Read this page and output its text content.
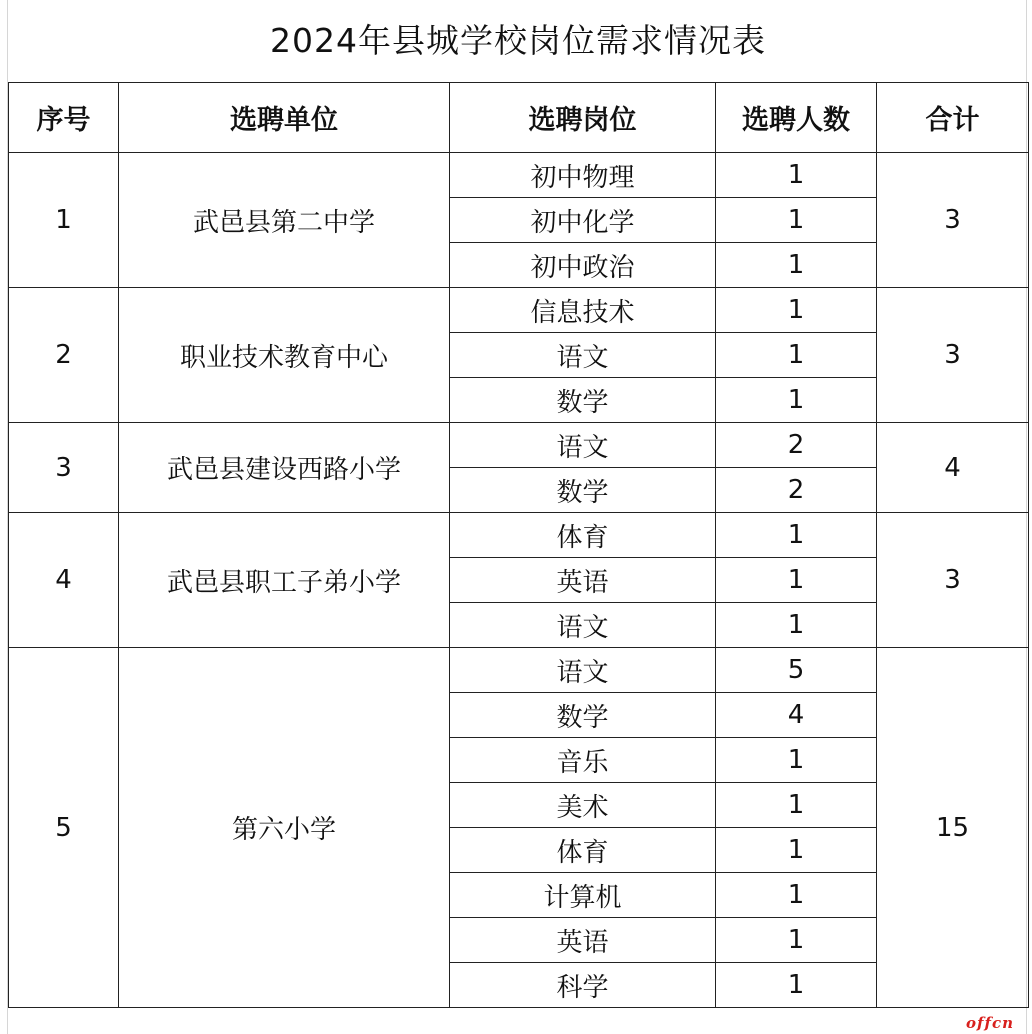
2024年县城学校岗位需求情况表
序号	选聘单位	选聘岗位	选聘人数	合计
1	武邑县第二中学	初中物理	1	3
		初中化学	1	
		初中政治	1	
2	职业技术教育中心	信息技术	1	3
		语文	1	
		数学	1	
3	武邑县建设西路小学	语文	2	4
		数学	2	
4	武邑县职工子弟小学	体育	1	3
		英语	1	
		语文	1	
5	第六小学	语文	5	15
		数学	4	
		音乐	1	
		美术	1	
		体育	1	
		计算机	1	
		英语	1	
		科学	1	
offcn
